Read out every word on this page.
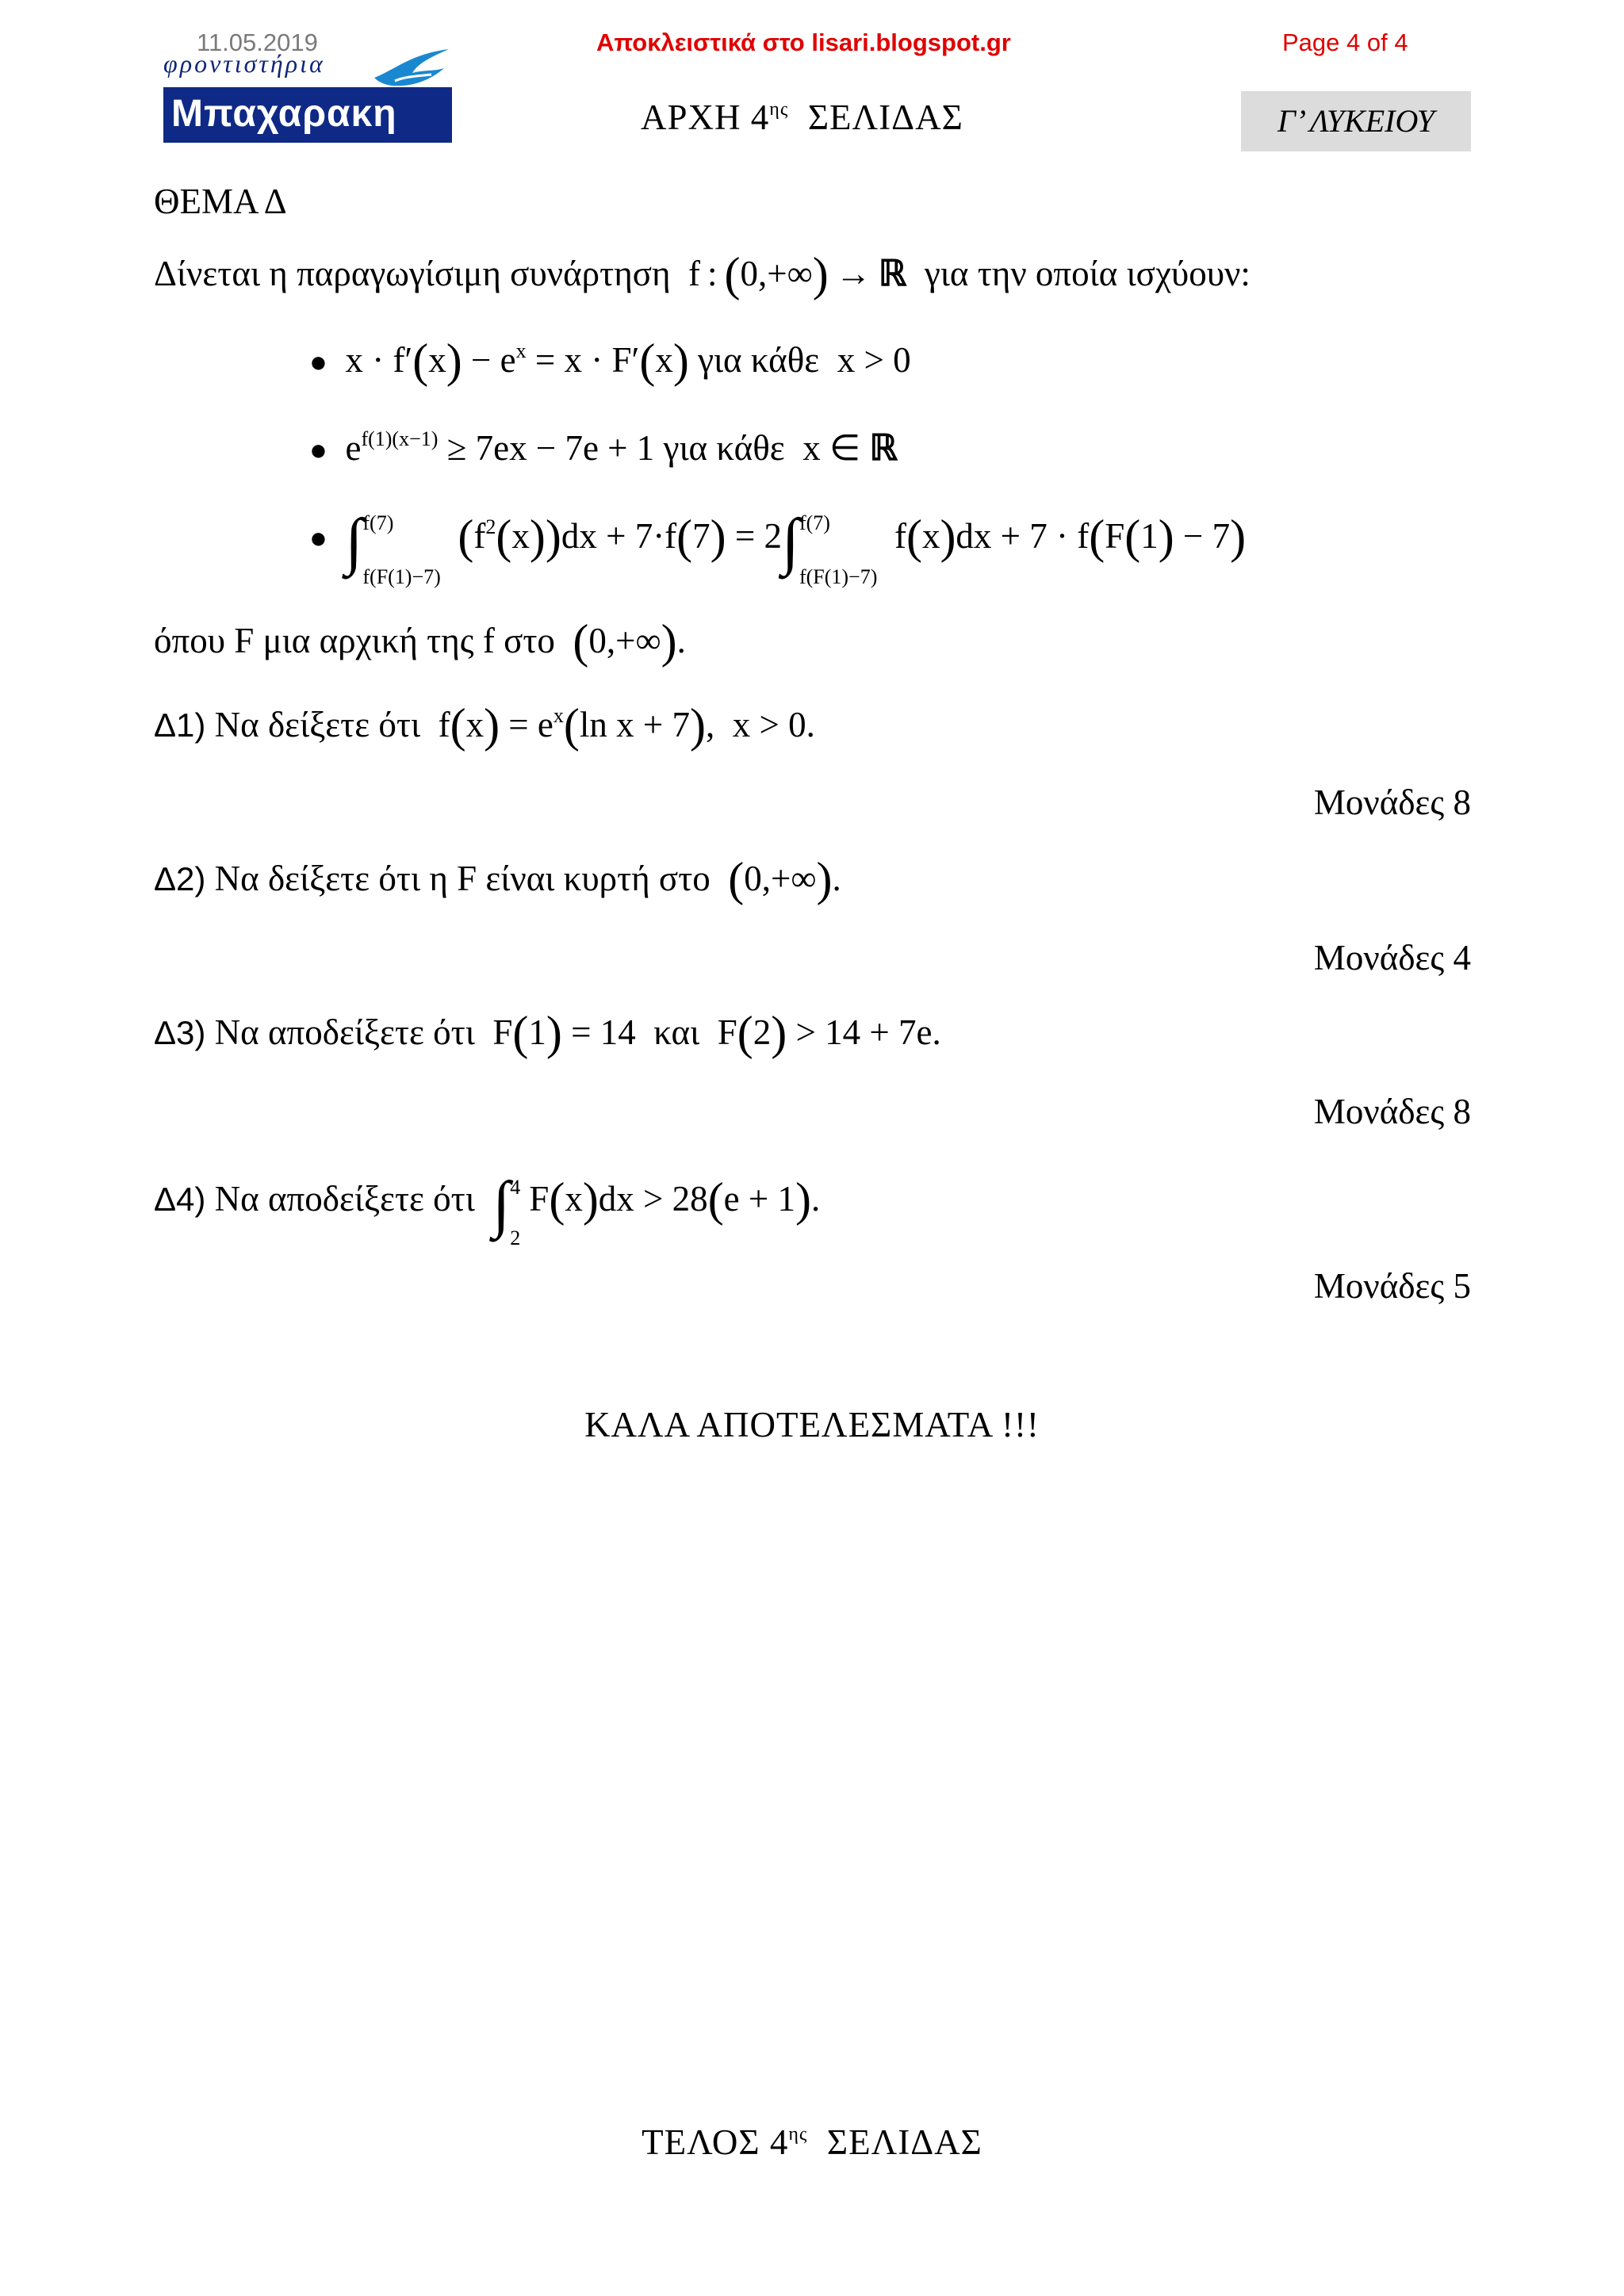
11.05.2019	Αποκλειστικά στο lisari.blogspot.gr	Page 4 of 4
φροντιστήρια
Μπαχαρακη	ΑΡΧΗ $4^{\eta\varsigma}$ ΣΕΛΙΔΑΣ	Γ’ ΛΥΚΕΙΟΥ
ΘΕΜΑ Δ
Δίνεται η παραγωγίσιμη συνάρτηση  f : (0,+∞) → ℝ για την οποία ισχύουν:
●  $x \cdot f'(x) - e^x = x \cdot F'(x)$ για κάθε  x > 0
●  $e^{f(1)(x-1)} \ge 7ex - 7e + 1$ για κάθε  x ∈ ℝ
● ∫ f(7)
f(F(1)−7)
$(f^2(x))dx + 7\cdot f(7) = 2\int$ f(7)
f(F(1)−7)
f(x)dx + 7 · f(F(1) − 7)
όπου F μια αρχική της f στο (0,+∞).
Δ1) Να δείξετε ότι  $f(x) = e^x(\ln$ x + 7),  x > 0.
Μονάδες 8
Δ2) Να δείξετε ότι η F είναι κυρτή στο (0,+∞).
Μονάδες 4
Δ3) Να αποδείξετε ότι  F(1) = 14  και  F(2) > 14 + 7e.
Μονάδες 8
Δ4) Να αποδείξετε ότι ∫ 4
2
F(x)dx > 28(e + 1).
Μονάδες 5
ΚΑΛΑ ΑΠΟΤΕΛΕΣΜΑΤΑ !!!
ΤΕΛΟΣ $4^{\eta\varsigma}$ ΣΕΛΙΔΑΣ
